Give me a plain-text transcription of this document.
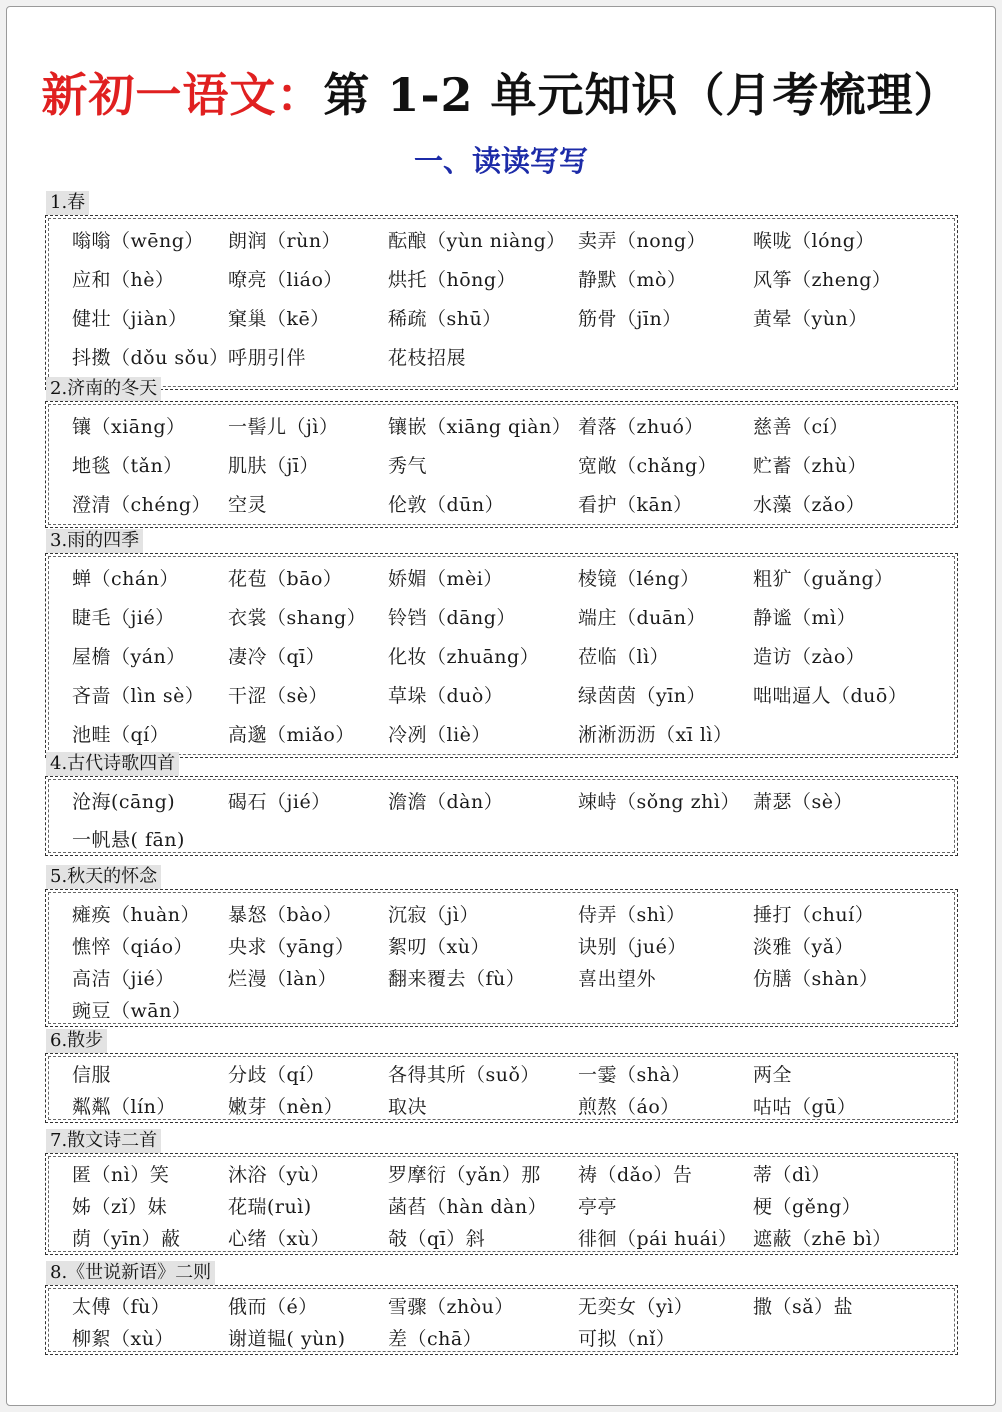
新初一语文：第 1-2 单元知识（月考梳理）
一、读读写写
1.春
嗡嗡（wēng） 朗润（rùn） 酝酿（yùn niàng） 卖弄（nong） 喉咙（lóng）
应和（hè）	嘹亮（liáo） 烘托（hōng）	静默（mò）	风筝（zheng）
健壮（jiàn） 窠巢（kē）	稀疏（shū）	筋骨（jīn）	黄晕（yùn）
抖擞（dǒu sǒu） 呼朋引伴	花枝招展
2.济南的冬天
镶（xiāng） 一髻儿（jì）	镶嵌（xiāng qiàn） 着落（zhuó）	慈善（cí）
地毯（tǎn） 肌肤（jī）	秀气	宽敞（chǎng） 贮蓄（zhù）
澄清（chéng） 空灵	伦敦（dūn）	看护（kān）	水藻（zǎo）
3.雨的四季
蝉（chán）	花苞（bāo） 娇媚（mèi）	棱镜（léng）	粗犷（guǎng）
睫毛（jié）	衣裳（shang） 铃铛（dāng）	端庄（duān） 静谧（mì）
屋檐（yán） 凄冷（qī）	化妆（zhuāng） 莅临（lì）	造访（zào）
吝啬（lìn sè） 干涩（sè）	草垛（duò）	绿茵茵（yīn） 咄咄逼人（duō）
池畦（qí）	高邈（miǎo） 冷冽（liè）	淅淅沥沥（xī lì）
4.古代诗歌四首
沧海(cāng)	碣石（jié）	澹澹（dàn）	竦峙（sǒng zhì） 萧瑟（sè）
一帆悬( fān)
5.秋天的怀念
瘫痪（huàn） 暴怒（bào） 沉寂（jì）	侍弄（shì）	捶打（chuí）
憔悴（qiáo） 央求（yāng） 絮叨（xù）	诀别（jué）	淡雅（yǎ）
高洁（jié）	烂漫（làn）	翻来覆去（fù）	喜出望外	仿膳（shàn）
豌豆（wān）
6.散步
信服	分歧（qí）	各得其所（suǒ） 一霎（shà）	两全
粼粼（lín）	嫩芽（nèn） 取决	煎熬（áo）	咕咕（gū）
7.散文诗二首
匿（nì）笑	沐浴（yù）	罗摩衍（yǎn）那 祷（dǎo）告	蒂（dì）
姊（zǐ）妹	花瑞(ruì)	菡萏（hàn dàn） 亭亭	梗（gěng）
荫（yīn）蔽 心绪（xù）	攲（qī）斜	徘徊（pái huái） 遮蔽（zhē bì）
8.《世说新语》二则
太傅（fù）	俄而（é）	雪骤（zhòu）	无奕女（yì）	撒（sǎ）盐
柳絮（xù）	谢道韫( yùn) 差（chā）	可拟（nǐ）
